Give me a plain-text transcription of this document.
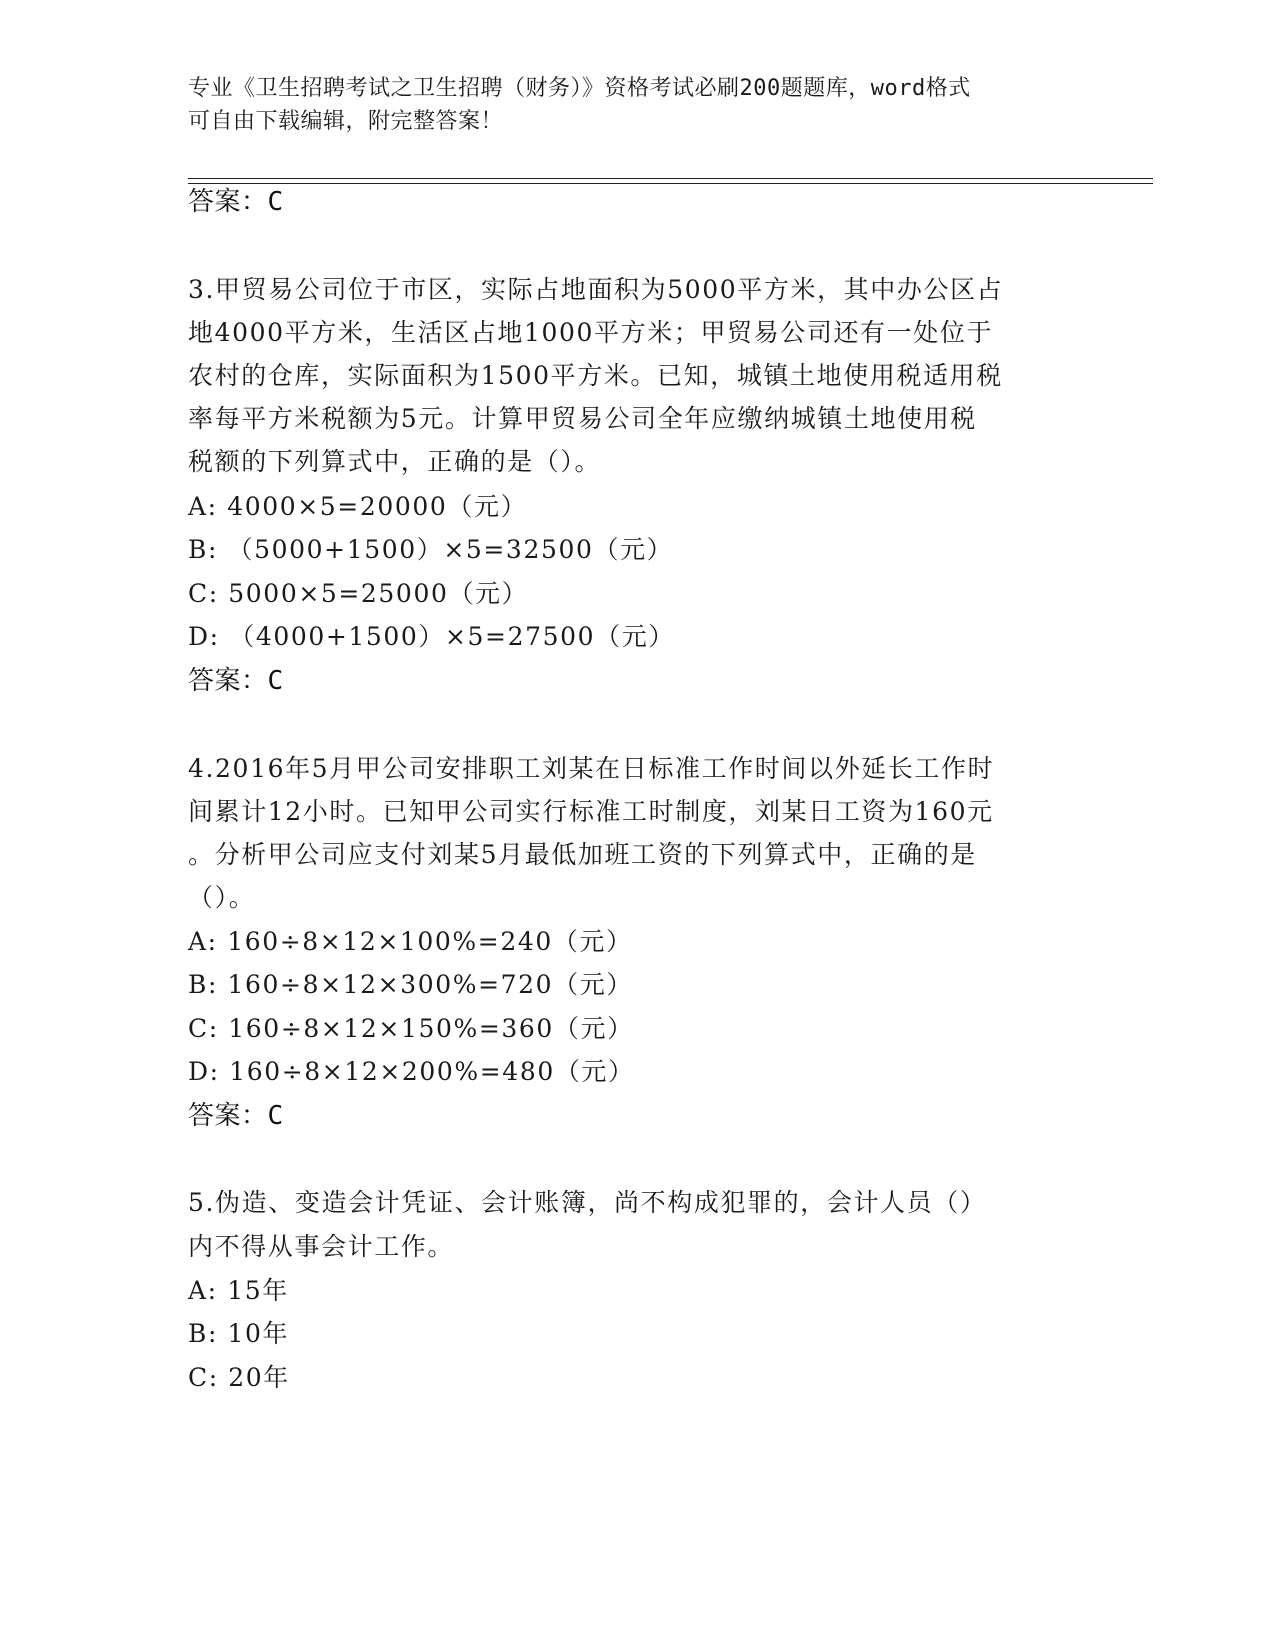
专业《卫生招聘考试之卫生招聘（财务）》资格考试必刷200题题库，word格式
可自由下载编辑，附完整答案！
答案：C
3.甲贸易公司位于市区，实际占地面积为5000平方米，其中办公区占
地4000平方米，生活区占地1000平方米；甲贸易公司还有一处位于
农村的仓库，实际面积为1500平方米。已知，城镇土地使用税适用税
率每平方米税额为5元。计算甲贸易公司全年应缴纳城镇土地使用税
税额的下列算式中，正确的是（）。
A: 4000×5=20000（元）
B: （5000+1500）×5=32500（元）
C: 5000×5=25000（元）
D: （4000+1500）×5=27500（元）
答案：C
4.2016年5月甲公司安排职工刘某在日标准工作时间以外延长工作时
间累计12小时。已知甲公司实行标准工时制度，刘某日工资为160元
。分析甲公司应支付刘某5月最低加班工资的下列算式中，正确的是
（）。
A: 160÷8×12×100%=240（元）
B: 160÷8×12×300%=720（元）
C: 160÷8×12×150%=360（元）
D: 160÷8×12×200%=480（元）
答案：C
5.伪造、变造会计凭证、会计账簿，尚不构成犯罪的，会计人员（）
内不得从事会计工作。
A: 15年
B: 10年
C: 20年
